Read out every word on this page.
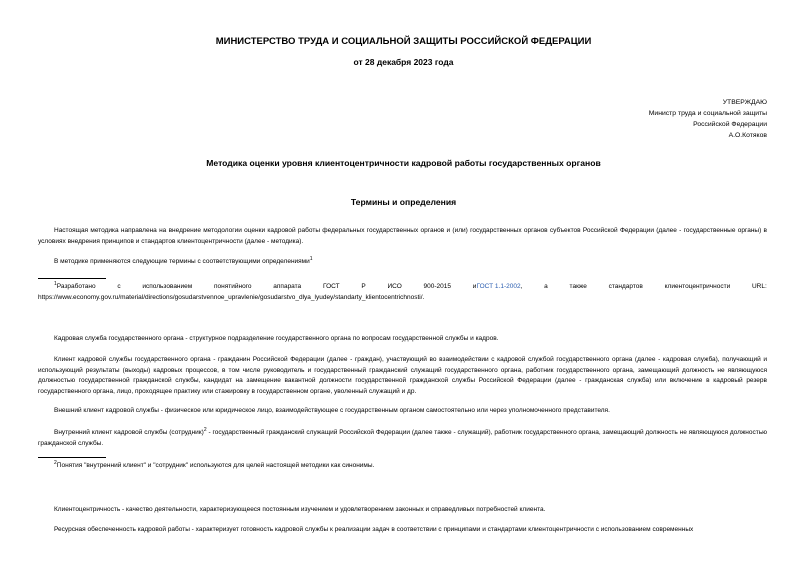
МИНИСТЕРСТВО ТРУДА И СОЦИАЛЬНОЙ ЗАЩИТЫ РОССИЙСКОЙ ФЕДЕРАЦИИ

от 28 декабря 2023 года

УТВЕРЖДАЮ
Министр труда и социальной защиты
Российской Федерации
А.О.Котяков

Методика оценки уровня клиентоцентричности кадровой работы государственных органов

Термины и определения

Настоящая методика направлена на внедрение методологии оценки кадровой работы федеральных государственных органов и (или) государственных органов субъектов Российской Федерации (далее - государственные органы) в условиях внедрения принципов и стандартов клиентоцентричности (далее - методика).

В методике применяются следующие термины с соответствующими определениями$^1$

$^1$Разработано	с	использованием	понятийного	аппарата	ГОСТ	Р	ИСО	900-2015	иГОСТ 1.1-2002,	а	также	стандартов	клиентоцентричности	URL:
https://www.economy.gov.ru/material/directions/gosudarstvennoe_upravlenie/gosudarstvo_dlya_lyudey/standarty_klientocentrichnosti/.

Кадровая служба государственного органа - структурное подразделение государственного органа по вопросам государственной службы и кадров.

Клиент кадровой службы государственного органа - гражданин Российской Федерации (далее - граждан), участвующий во взаимодействии с кадровой службой государственного органа (далее - кадровая служба), получающий и использующий результаты (выходы) кадровых процессов, в том числе руководитель и государственный гражданский служащий государственного органа, работник государственного органа, замещающий должность не являющуюся должностью государственной гражданской службы, кандидат на замещение вакантной должности государственной гражданской службы Российской Федерации (далее - гражданская служба) или включение в кадровый резерв государственного органа, лицо, проходящее практику или стажировку в государственном органе, уволенный служащий и др.

Внешний клиент кадровой службы - физическое или юридическое лицо, взаимодействующее с государственным органом самостоятельно или через уполномоченного представителя.

Внутренний клиент кадровой службы (сотрудник)$^2$ - государственный гражданский служащий Российской Федерации (далее также - служащий), работник государственного органа, замещающий должность не являющуюся должностью гражданской службы.

$^2$Понятия "внутренний клиент" и "сотрудник" используются для целей настоящей методики как синонимы.

Клиентоцентричность - качество деятельности, характеризующееся постоянным изучением и удовлетворением законных и справедливых потребностей клиента.

Ресурсная обеспеченность кадровой работы - характеризует готовность кадровой службы к реализации задач в соответствии с принципами и стандартами клиентоцентричности с использованием современных
